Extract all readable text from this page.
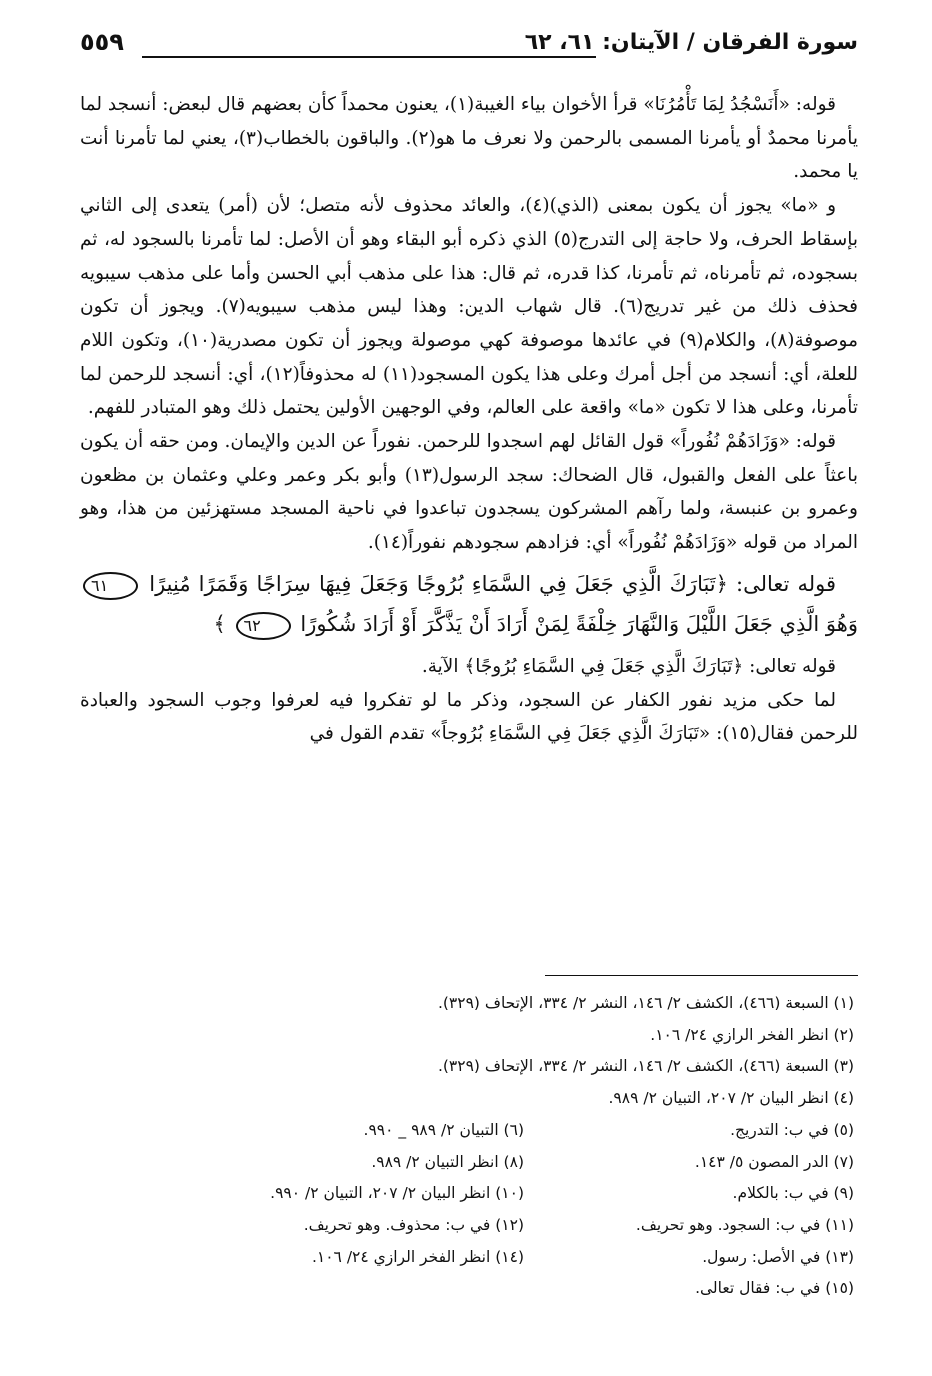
سورة الفرقان / الآيتان: ٦١، ٦٢
٥٥٩

قوله: «أَنَسْجُدُ لِمَا تَأْمُرُنَا» قرأ الأخوان بياء الغيبة(١)، يعنون محمداً كأن بعضهم قال لبعض: أنسجد لما يأمرنا محمدٌ أو يأمرنا المسمى بالرحمن ولا نعرف ما هو(٢). والباقون بالخطاب(٣)، يعني لما تأمرنا أنت يا محمد.

و «ما» يجوز أن يكون بمعنى (الذي)(٤)، والعائد محذوف لأنه متصل؛ لأن (أمر) يتعدى إلى الثاني بإسقاط الحرف، ولا حاجة إلى التدرج(٥) الذي ذكره أبو البقاء وهو أن الأصل: لما تأمرنا بالسجود له، ثم بسجوده، ثم تأمرناه، ثم تأمرنا، كذا قدره، ثم قال: هذا على مذهب أبي الحسن وأما على مذهب سيبويه فحذف ذلك من غير تدريج(٦). قال شهاب الدين: وهذا ليس مذهب سيبويه(٧). ويجوز أن تكون موصوفة(٨)، والكلام(٩) في عائدها موصوفة كهي موصولة ويجوز أن تكون مصدرية(١٠)، وتكون اللام للعلة، أي: أنسجد من أجل أمرك وعلى هذا يكون المسجود(١١) له محذوفاً(١٢)، أي: أنسجد للرحمن لما تأمرنا، وعلى هذا لا تكون «ما» واقعة على العالم، وفي الوجهين الأولين يحتمل ذلك وهو المتبادر للفهم.

قوله: «وَزَادَهُمْ نُفُوراً» قول القائل لهم اسجدوا للرحمن. نفوراً عن الدين والإيمان. ومن حقه أن يكون باعثاً على الفعل والقبول، قال الضحاك: سجد الرسول(١٣) وأبو بكر وعمر وعلي وعثمان بن مظعون وعمرو بن عنبسة، ولما رآهم المشركون يسجدون تباعدوا في ناحية المسجد مستهزئين من هذا، وهو المراد من قوله «وَزَادَهُمْ نُفُوراً» أي: فزادهم سجودهم نفوراً(١٤).

قوله تعالى: ﴿تَبَارَكَ الَّذِي جَعَلَ فِي السَّمَاءِ بُرُوجًا وَجَعَلَ فِيهَا سِرَاجًا وَقَمَرًا مُنِيرًا ٦١ وَهُوَ الَّذِي جَعَلَ اللَّيْلَ وَالنَّهَارَ خِلْفَةً لِمَنْ أَرَادَ أَنْ يَذَّكَّرَ أَوْ أَرَادَ شُكُورًا ٦٢ ﴾

قوله تعالى: ﴿تَبَارَكَ الَّذِي جَعَلَ فِي السَّمَاءِ بُرُوجًا﴾ الآية.

لما حكى مزيد نفور الكفار عن السجود، وذكر ما لو تفكروا فيه لعرفوا وجوب السجود والعبادة للرحمن فقال(١٥): «تَبَارَكَ الَّذِي جَعَلَ فِي السَّمَاءِ بُرُوجاً» تقدم القول في

(١) السبعة (٤٦٦)، الكشف ٢/ ١٤٦، النشر ٢/ ٣٣٤، الإتحاف (٣٢٩).
(٢) انظر الفخر الرازي ٢٤/ ١٠٦.
(٣) السبعة (٤٦٦)، الكشف ٢/ ١٤٦، النشر ٢/ ٣٣٤، الإتحاف (٣٢٩).
(٤) انظر البيان ٢/ ٢٠٧، التبيان ٢/ ٩٨٩.
(٥) في ب: التدريج.
(٦) التبيان ٢/ ٩٨٩ _ ٩٩٠.
(٧) الدر المصون ٥/ ١٤٣.
(٨) انظر التبيان ٢/ ٩٨٩.
(٩) في ب: بالكلام.
(١٠) انظر البيان ٢/ ٢٠٧، التبيان ٢/ ٩٩٠.
(١١) في ب: السجود. وهو تحريف.
(١٢) في ب: محذوف. وهو تحريف.
(١٣) في الأصل: رسول.
(١٤) انظر الفخر الرازي ٢٤/ ١٠٦.
(١٥) في ب: فقال تعالى.
